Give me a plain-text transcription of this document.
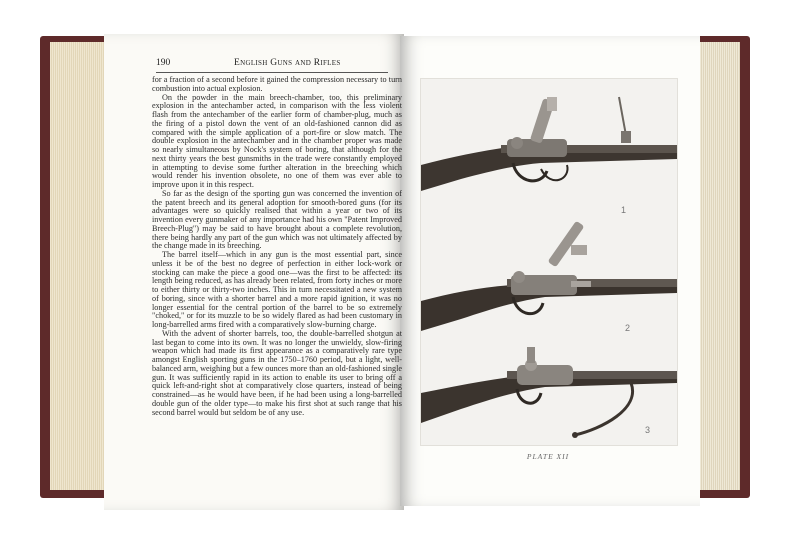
190	English Guns and Rifles

for a fraction of a second before it gained the compression necessary to turn combustion into actual explosion.

On the powder in the main breech-chamber, too, this preliminary explosion in the antechamber acted, in comparison with the less violent flash from the antechamber of the earlier form of chamber-plug, much as the firing of a pistol down the vent of an old-fashioned cannon did as compared with the simple application of a port-fire or slow match. The double explosion in the antechamber and in the chamber proper was made so nearly simultaneous by Nock's system of boring, that although for the next thirty years the best gunsmiths in the trade were constantly employed in attempting to devise some further alteration in the breeching which would render his invention obsolete, no one of them was ever able to improve upon it in this respect.

So far as the design of the sporting gun was concerned the invention of the patent breech and its general adoption for smooth-bored guns (for its advantages were so quickly realised that within a year or two of its invention every gunmaker of any importance had his own "Patent Improved Breech-Plug") may be said to have brought about a complete revolution, there being hardly any part of the gun which was not ultimately affected by the change made in its breeching.

The barrel itself—which in any gun is the most essential part, since unless it be of the best no degree of perfection in either lock-work or stocking can make the piece a good one—was the first to be affected: its length being reduced, as has already been related, from forty inches or more to either thirty or thirty-two inches. This in turn necessitated a new system of boring, since with a shorter barrel and a more rapid ignition, it was no longer essential for the central portion of the barrel to be so extremely "choked," or for its muzzle to be so widely flared as had been customary in long-barrelled arms fired with a comparatively slow-burning charge.

With the advent of shorter barrels, too, the double-barrelled shotgun at last began to come into its own. It was no longer the unwieldy, slow-firing weapon which had made its first appearance as a comparatively rare type amongst English sporting guns in the 1750–1760 period, but a light, well-balanced arm, weighing but a few ounces more than an old-fashioned single gun. It was sufficiently rapid in its action to enable its user to bring off a quick left-and-right shot at comparatively close quarters, instead of being constrained—as he would have been, if he had been using a long-barrelled double gun of the older type—to make his first shot at such range that his second barrel would but seldom be of any use.

1
2
3
PLATE XII
